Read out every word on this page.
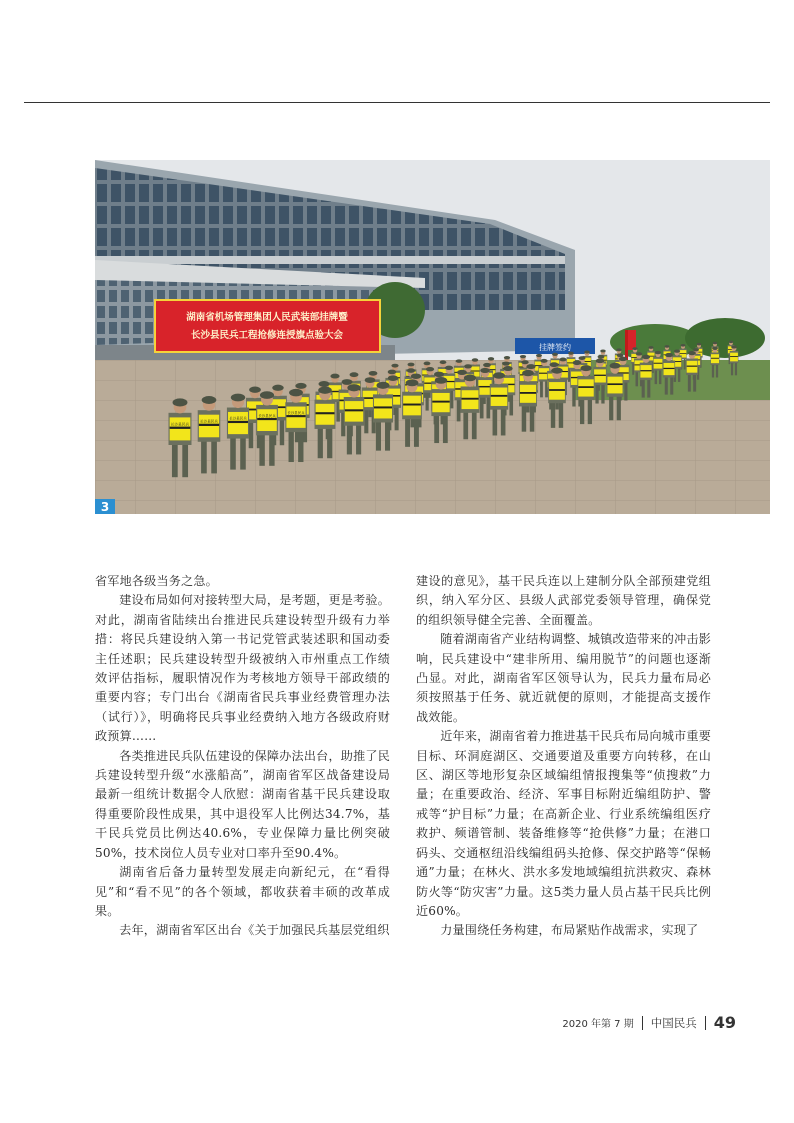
湖南省机场管理集团人民武装部挂牌暨
长沙县民兵工程抢修连授旗点验大会
挂牌签约
长沙县民兵
长沙县民兵
长沙县民兵
长沙县民兵
长沙县民兵
3

省军地各级当务之急。

建设布局如何对接转型大局，是考题，更是考验。对此，湖南省陆续出台推进民兵建设转型升级有力举措：将民兵建设纳入第一书记党管武装述职和国动委主任述职；民兵建设转型升级被纳入市州重点工作绩效评估指标，履职情况作为考核地方领导干部政绩的重要内容；专门出台《湖南省民兵事业经费管理办法（试行）》，明确将民兵事业经费纳入地方各级政府财政预算……

各类推进民兵队伍建设的保障办法出台，助推了民兵建设转型升级“水涨船高”，湖南省军区战备建设局最新一组统计数据令人欣慰：湖南省基干民兵建设取得重要阶段性成果，其中退役军人比例达34.7%，基干民兵党员比例达40.6%，专业保障力量比例突破50%，技术岗位人员专业对口率升至90.4%。

湖南省后备力量转型发展走向新纪元，在“看得见”和“看不见”的各个领域，都收获着丰硕的改革成果。

去年，湖南省军区出台《关于加强民兵基层党组织

建设的意见》，基干民兵连以上建制分队全部预建党组织，纳入军分区、县级人武部党委领导管理，确保党的组织领导健全完善、全面覆盖。

随着湖南省产业结构调整、城镇改造带来的冲击影响，民兵建设中“建非所用、编用脱节”的问题也逐渐凸显。对此，湖南省军区领导认为，民兵力量布局必须按照基于任务、就近就便的原则，才能提高支援作战效能。

近年来，湖南省着力推进基干民兵布局向城市重要目标、环洞庭湖区、交通要道及重要方向转移，在山区、湖区等地形复杂区域编组情报搜集等“侦搜救”力量；在重要政治、经济、军事目标附近编组防护、警戒等“护目标”力量；在高新企业、行业系统编组医疗救护、频谱管制、装备维修等“抢供修”力量；在港口码头、交通枢纽沿线编组码头抢修、保交护路等“保畅通”力量；在林火、洪水多发地域编组抗洪救灾、森林防火等“防灾害”力量。这5类力量人员占基干民兵比例近60%。

力量围绕任务构建，布局紧贴作战需求，实现了

2020 年第 7 期 中国民兵 49
